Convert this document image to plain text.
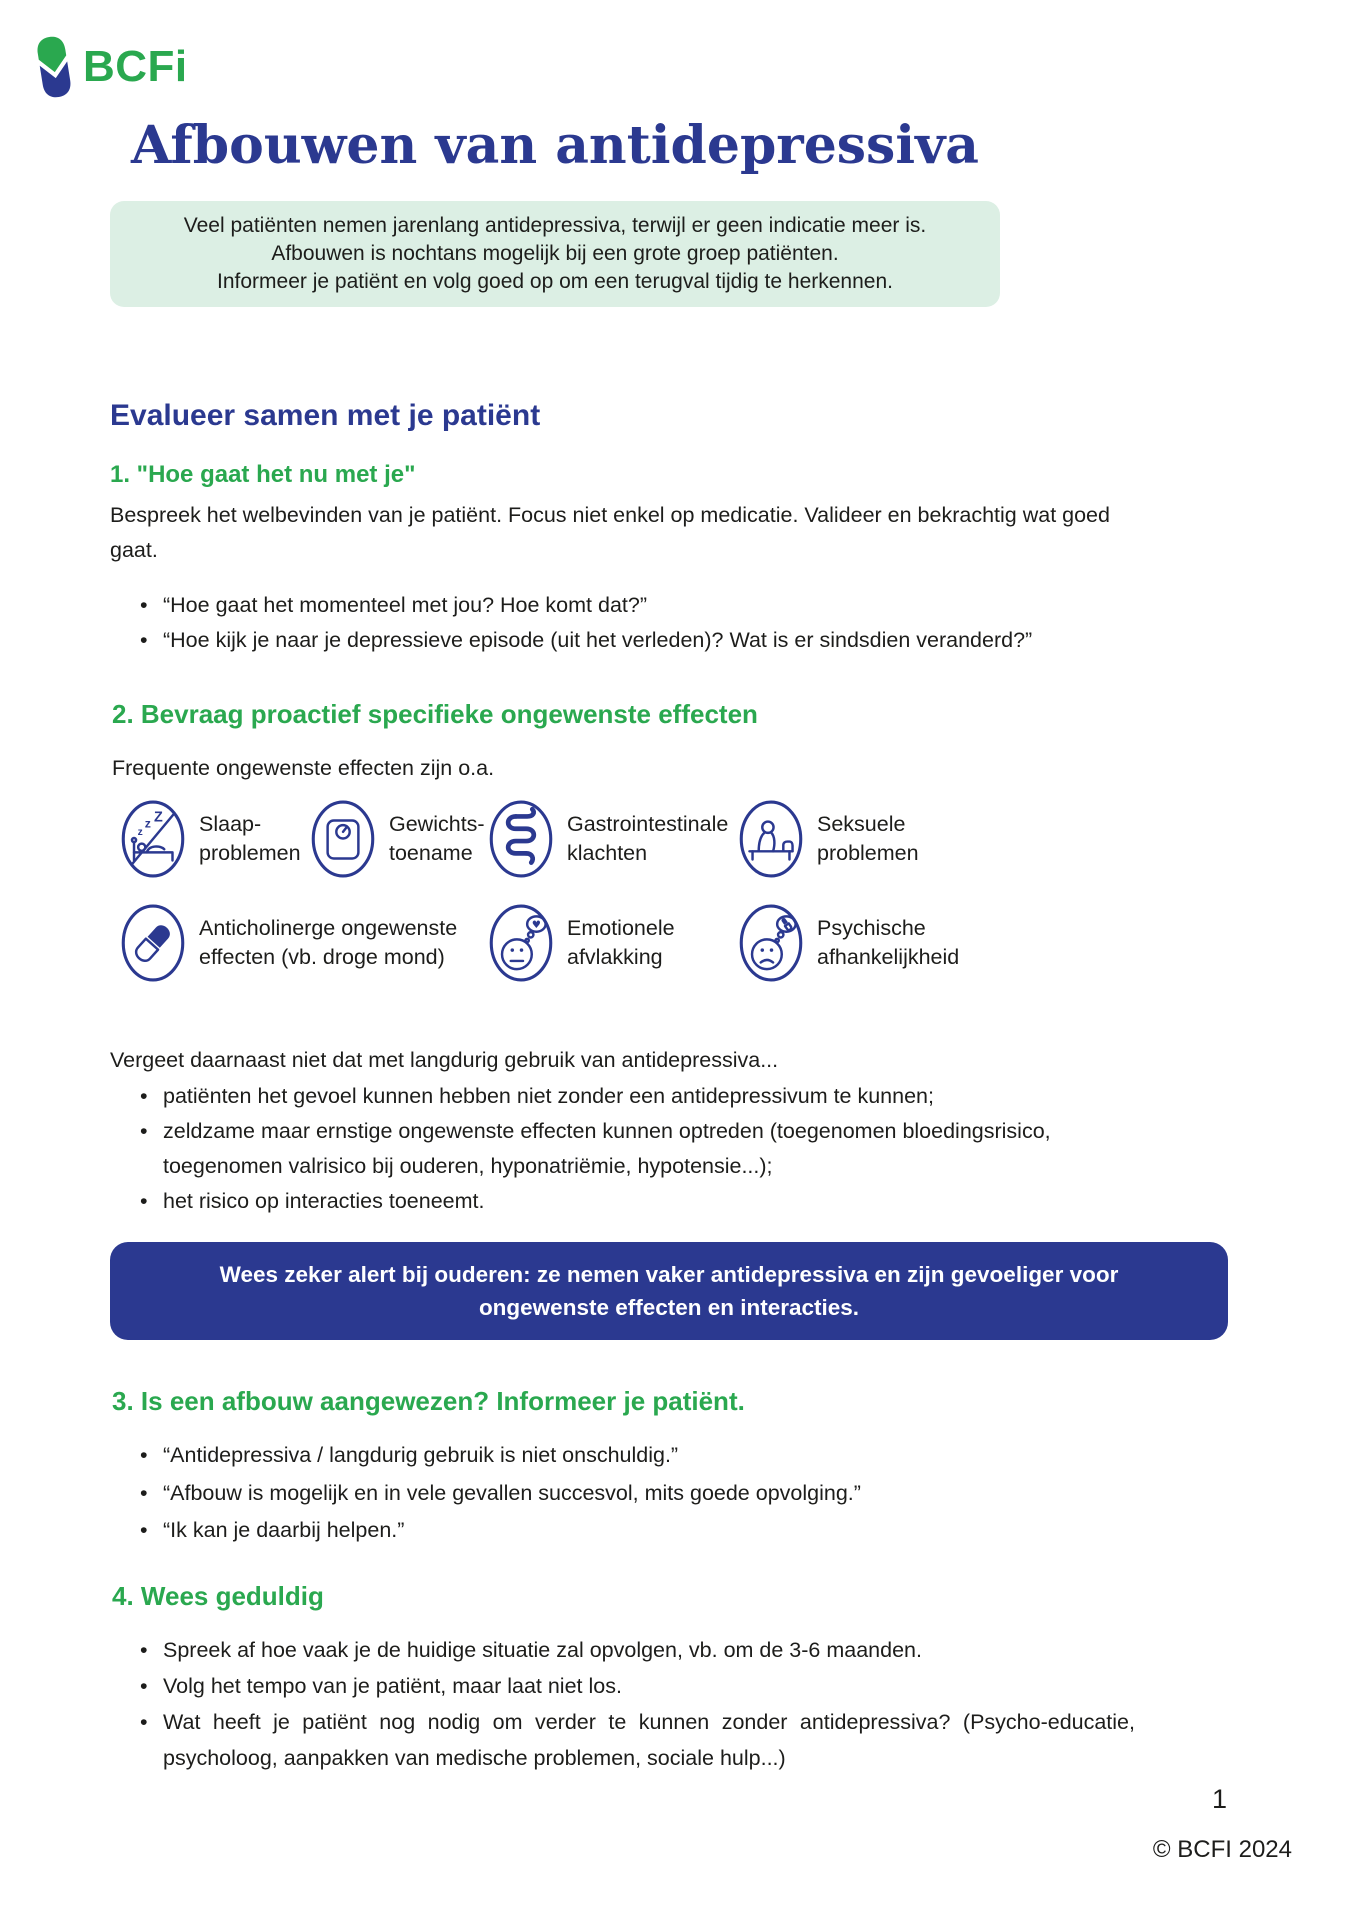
BCFi
Afbouwen van antidepressiva
Veel patiënten nemen jarenlang antidepressiva, terwijl er geen indicatie meer is.
Afbouwen is nochtans mogelijk bij een grote groep patiënten.
Informeer je patiënt en volg goed op om een terugval tijdig te herkennen.
Evalueer samen met je patiënt
1. "Hoe gaat het nu met je"

Bespreek het welbevinden van je patiënt. Focus niet enkel op medicatie. Valideer en bekrachtig wat goed gaat.

• “Hoe gaat het momenteel met jou? Hoe komt dat?”
• “Hoe kijk je naar je depressieve episode (uit het verleden)? Wat is er sindsdien veranderd?”
2. Bevraag proactief specifieke ongewenste effecten

Frequente ongewenste effecten zijn o.a.

z
z Z Slaap-
problemen
Gewichts-
toename
Gastrointestinale
klachten
Seksuele
problemen
Anticholinerge ongewenste
effecten (vb. droge mond)
♥ Emotionele
afvlakking
Psychische
afhankelijkheid

Vergeet daarnaast niet dat met langdurig gebruik van antidepressiva...

• patiënten het gevoel kunnen hebben niet zonder een antidepressivum te kunnen;
• zeldzame maar ernstige ongewenste effecten kunnen optreden (toegenomen bloedingsrisico, toegenomen valrisico bij ouderen, hyponatriëmie, hypotensie...);
• het risico op interacties toeneemt.
Wees zeker alert bij ouderen: ze nemen vaker antidepressiva en zijn gevoeliger voor ongewenste effecten en interacties.
3. Is een afbouw aangewezen? Informeer je patiënt.
• “Antidepressiva / langdurig gebruik is niet onschuldig.”
• “Afbouw is mogelijk en in vele gevallen succesvol, mits goede opvolging.”
• “Ik kan je daarbij helpen.”
4. Wees geduldig
• Spreek af hoe vaak je de huidige situatie zal opvolgen, vb. om de 3-6 maanden.
• Volg het tempo van je patiënt, maar laat niet los.
• Wat heeft je patiënt nog nodig om verder te kunnen zonder antidepressiva? (Psycho-educatie, psycholoog, aanpakken van medische problemen, sociale hulp...)
1
© BCFI 2024
